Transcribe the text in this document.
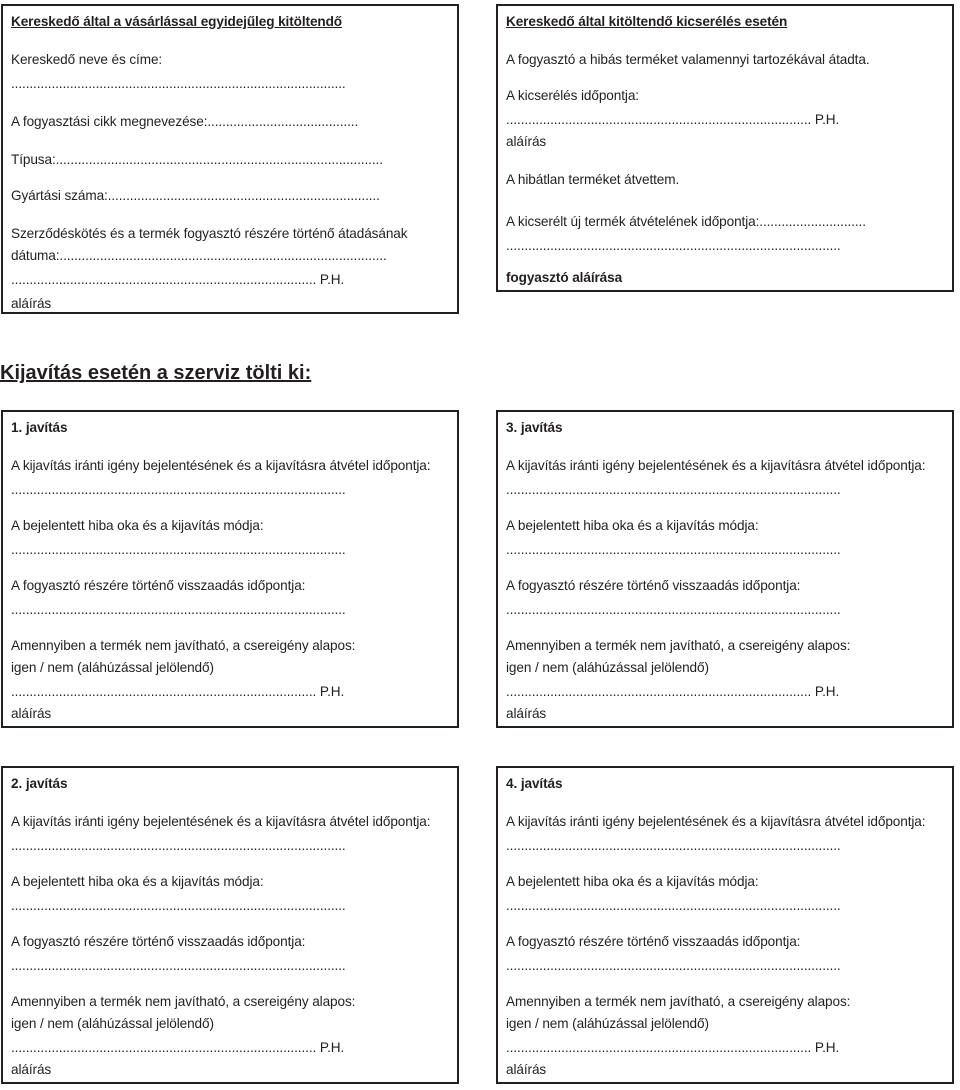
Kereskedő által a vásárlással egyidejűleg kitöltendő
Kereskedő neve és címe:
...........................................................................................
A fogyasztási cikk megnevezése:.........................................
Típusa:.........................................................................................
Gyártási száma:..........................................................................
Szerződéskötés és a termék fogyasztó részére történő átadásának
dátuma:.........................................................................................
................................................................................... P.H.
aláírás
Kereskedő által kitöltendő kicserélés esetén
A fogyasztó a hibás terméket valamennyi tartozékával átadta.
A kicserélés időpontja:
................................................................................... P.H.
aláírás
A hibátlan terméket átvettem.
A kicserélt új termék átvételének időpontja:.............................
...........................................................................................
fogyasztó aláírása
Kijavítás esetén a szerviz tölti ki:
1. javítás
A kijavítás iránti igény bejelentésének és a kijavításra átvétel időpontja:
...........................................................................................
A bejelentett hiba oka és a kijavítás módja:
...........................................................................................
A fogyasztó részére történő visszaadás időpontja:
...........................................................................................
Amennyiben a termék nem javítható, a csereigény alapos:
igen / nem (aláhúzással jelölendő)
................................................................................... P.H.
aláírás
3. javítás
A kijavítás iránti igény bejelentésének és a kijavításra átvétel időpontja:
...........................................................................................
A bejelentett hiba oka és a kijavítás módja:
...........................................................................................
A fogyasztó részére történő visszaadás időpontja:
...........................................................................................
Amennyiben a termék nem javítható, a csereigény alapos:
igen / nem (aláhúzással jelölendő)
................................................................................... P.H.
aláírás
2. javítás
A kijavítás iránti igény bejelentésének és a kijavításra átvétel időpontja:
...........................................................................................
A bejelentett hiba oka és a kijavítás módja:
...........................................................................................
A fogyasztó részére történő visszaadás időpontja:
...........................................................................................
Amennyiben a termék nem javítható, a csereigény alapos:
igen / nem (aláhúzással jelölendő)
................................................................................... P.H.
aláírás
4. javítás
A kijavítás iránti igény bejelentésének és a kijavításra átvétel időpontja:
...........................................................................................
A bejelentett hiba oka és a kijavítás módja:
...........................................................................................
A fogyasztó részére történő visszaadás időpontja:
...........................................................................................
Amennyiben a termék nem javítható, a csereigény alapos:
igen / nem (aláhúzással jelölendő)
................................................................................... P.H.
aláírás
